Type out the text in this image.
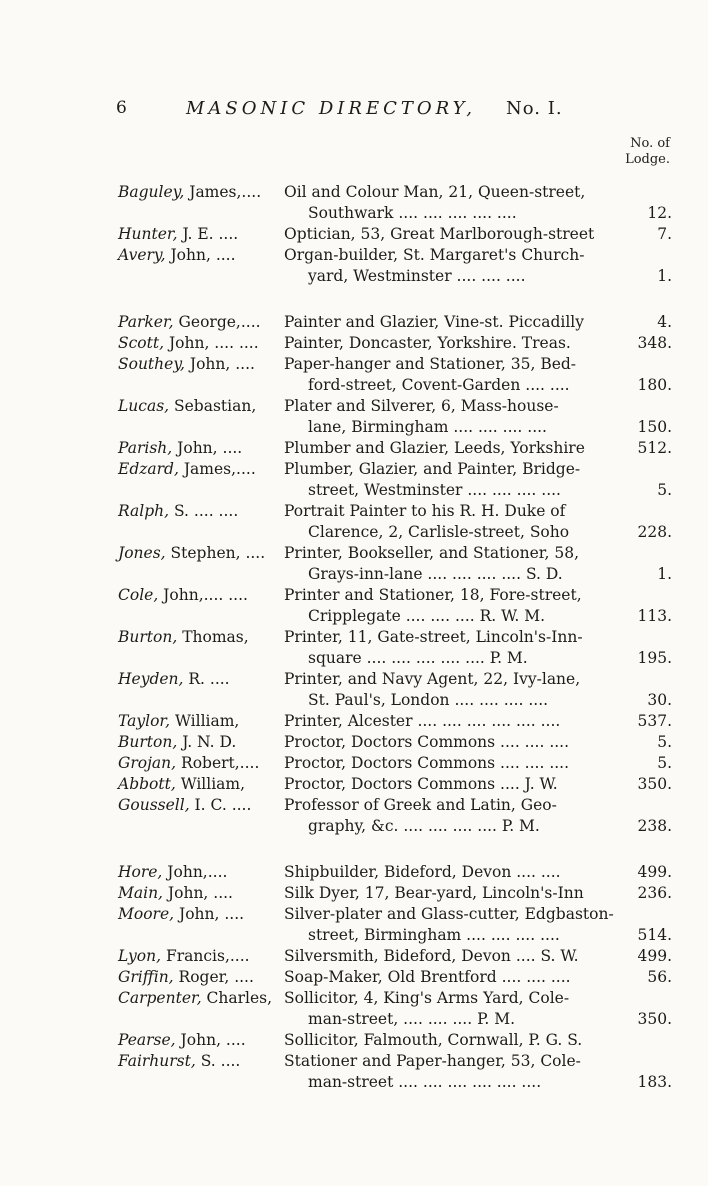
6	MASONIC DIRECTORY, No. I.
No. of
Lodge.
Baguley, James,....	Oil and Colour Man, 21, Queen-street,
Southwark .... .... .... .... ....	12.
Hunter, J. E. ....	Optician, 53, Great Marlborough-street	7.
Avery, John, ....	Organ-builder, St. Margaret's Church-
yard, Westminster .... .... ....	1.
Parker, George,....	Painter and Glazier, Vine-st. Piccadilly	4.
Scott, John, .... ....	Painter, Doncaster, Yorkshire. Treas.	348.
Southey, John, ....	Paper-hanger and Stationer, 35, Bed-
ford-street, Covent-Garden .... ....	180.
Lucas, Sebastian,	Plater and Silverer, 6, Mass-house-
lane, Birmingham .... .... .... ....	150.
Parish, John, ....	Plumber and Glazier, Leeds, Yorkshire	512.
Edzard, James,....	Plumber, Glazier, and Painter, Bridge-
street, Westminster .... .... .... ....	5.
Ralph, S. .... ....	Portrait Painter to his R. H. Duke of
Clarence, 2, Carlisle-street, Soho	228.
Jones, Stephen, ....	Printer, Bookseller, and Stationer, 58,
Grays-inn-lane .... .... .... .... S. D.	1.
Cole, John,.... ....	Printer and Stationer, 18, Fore-street,
Cripplegate .... .... .... R. W. M.	113.
Burton, Thomas,	Printer, 11, Gate-street, Lincoln's-Inn-
square .... .... .... .... .... P. M.	195.
Heyden, R. ....	Printer, and Navy Agent, 22, Ivy-lane,
St. Paul's, London .... .... .... ....	30.
Taylor, William,	Printer, Alcester .... .... .... .... .... ....	537.
Burton, J. N. D.	Proctor, Doctors Commons .... .... ....	5.
Grojan, Robert,....	Proctor, Doctors Commons .... .... ....	5.
Abbott, William,	Proctor, Doctors Commons .... J. W.	350.
Goussell, I. C. ....	Professor of Greek and Latin, Geo-
graphy, &c. .... .... .... .... P. M.	238.
Hore, John,....	Shipbuilder, Bideford, Devon .... ....	499.
Main, John, ....	Silk Dyer, 17, Bear-yard, Lincoln's-Inn	236.
Moore, John, ....	Silver-plater and Glass-cutter, Edgbaston-
street, Birmingham .... .... .... ....	514.
Lyon, Francis,....	Silversmith, Bideford, Devon .... S. W.	499.
Griffin, Roger, ....	Soap-Maker, Old Brentford .... .... ....	56.
Carpenter, Charles, Sollicitor, 4, King's Arms Yard, Cole-
man-street, .... .... .... P. M.	350.
Pearse, John, ....	Sollicitor, Falmouth, Cornwall, P. G. S.
Fairhurst, S. ....	Stationer and Paper-hanger, 53, Cole-
man-street .... .... .... .... .... ....	183.
